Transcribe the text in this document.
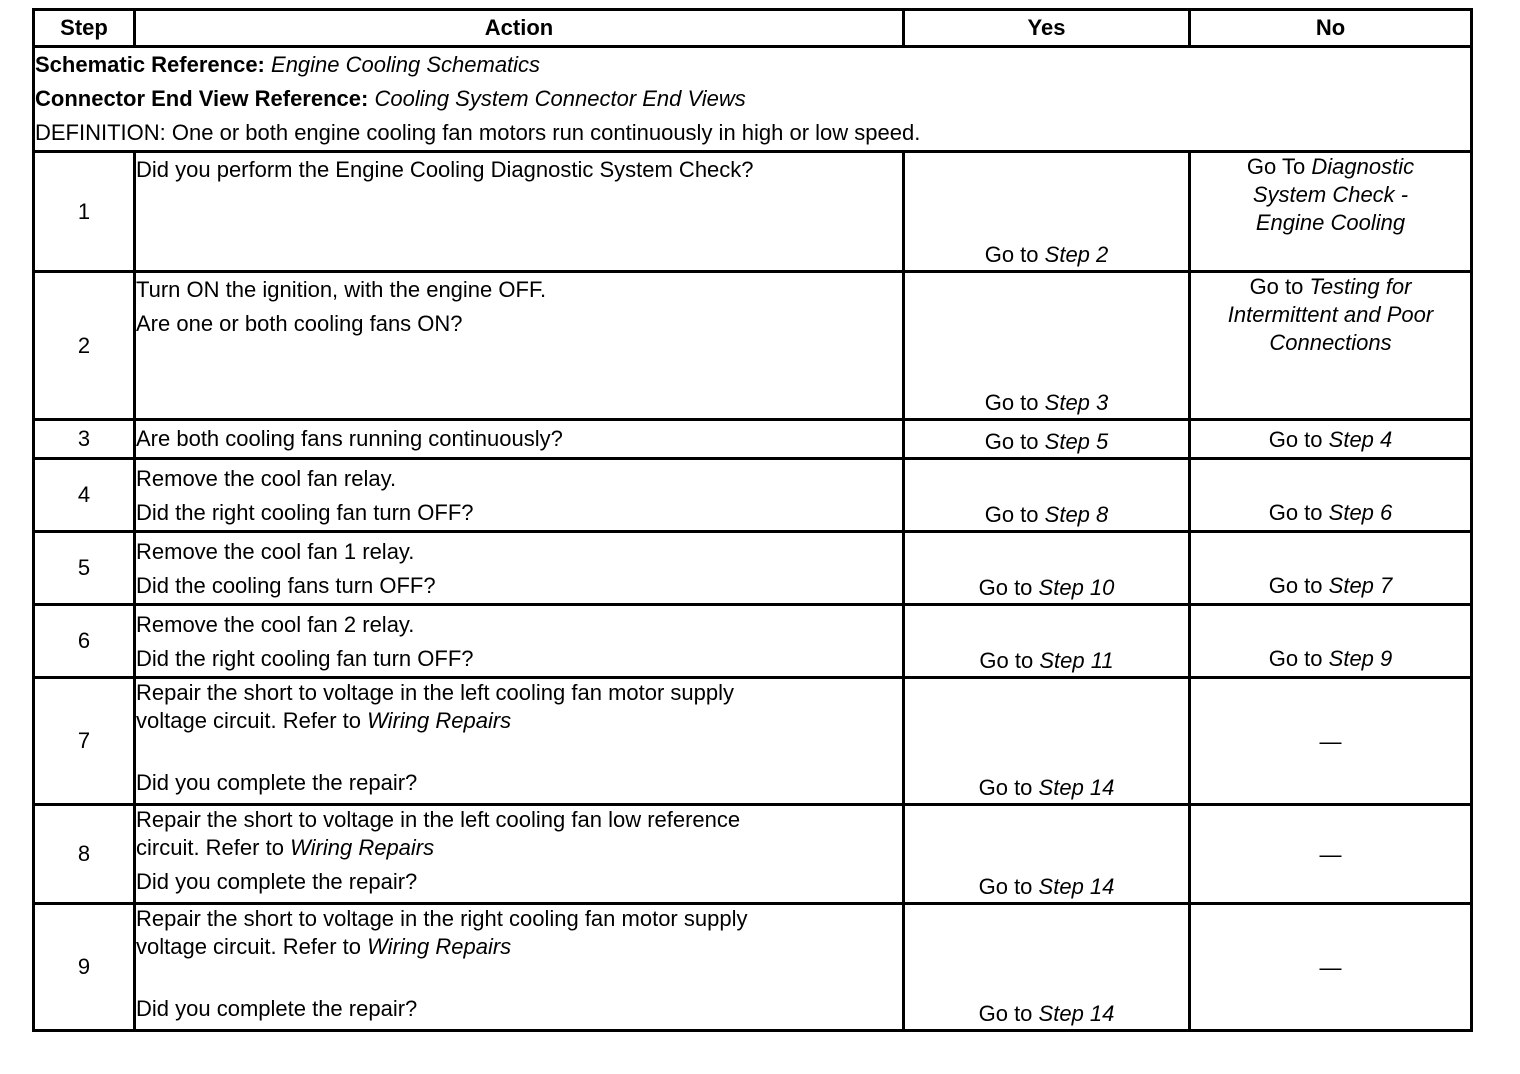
Step	Action	Yes	No

Schematic Reference: Engine Cooling Schematics
Connector End View Reference: Cooling System Connector End Views
DEFINITION: One or both engine cooling fan motors run continuously in high or low speed.			

1	Did you perform the Engine Cooling Diagnostic System Check?	Go to Step 2	Go To Diagnostic
System Check -
Engine Cooling

2	Turn ON the ignition, with the engine OFF.
Are one or both cooling fans ON?	Go to Step 3	Go to Testing for
Intermittent and Poor
Connections

3	Are both cooling fans running continuously?	Go to Step 5	Go to Step 4
4	Remove the cool fan relay.
Did the right cooling fan turn OFF?	Go to Step 8	Go to Step 6
5	Remove the cool fan 1 relay.
Did the cooling fans turn OFF?	Go to Step 10	Go to Step 7
6	Remove the cool fan 2 relay.
Did the right cooling fan turn OFF?	Go to Step 11	Go to Step 9
7	Repair the short to voltage in the left cooling fan motor supply
voltage circuit. Refer to Wiring Repairs
Did you complete the repair?	Go to Step 14	—
8	Repair the short to voltage in the left cooling fan low reference
circuit. Refer to Wiring Repairs
Did you complete the repair?	Go to Step 14	—
9	Repair the short to voltage in the right cooling fan motor supply
voltage circuit. Refer to Wiring Repairs
Did you complete the repair?	Go to Step 14	—
